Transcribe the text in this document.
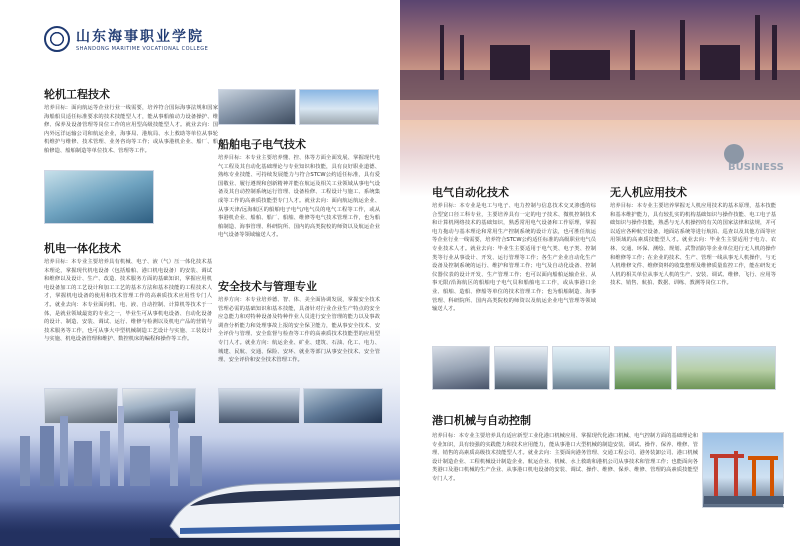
山东海事职业学院
SHANDONG MARITIME VOCATIONAL COLLEGE
轮机工程技术
培养目标：面向航运等企业行业一线需要，培养符合国际海事法规和国家海船船员适任标准要求的技术技能型人才，能从事船舶动力设备操护、维修、保养及设备管理等岗位工作的应用型高级技能型人才。就业去向：国内外远洋运输公司和航运企业，海事局、港航局、水上救助等单位从事轮机维护与维修、技术管理、业务咨询等工作；或从事港机企业、船厂、船舶修造、船舶制造等单位技术、管理等工作。
机电一体化技术
培养目标：本专业主要培养具有机械、电子、液（气）压一体化技术基本理论，掌握现代机电设备（包括船舶、港口机电设备）的安装、调试和维修以及设计、生产、改造、技术服务方面的基础知识，掌握应用机电设备加工的工艺设计和加工工艺的基本方法和基本技能的工程技术人才，掌握机电设备的使用和技术管理工作的高素质技术应用性专门人才。就业去向：本专业面向机、电、液、自动控制、计算机等技术于一体，是就业领域最宽的专业之一，毕业生可从事机电设备、自动化设备的设计、制造、安装、调试、运行、维修与检测以及机电产品的营销与技术服务等工作，也可从事大中型机械制造工艺设计与实施、工装设计与实施、机电设备管理和维护、数控机床的编程和操作等工作。
船舶电子电气技术
培养目标：本专业主要培养懂、控、体等方面全面发展、掌握现代电气工程及其自动化基础理论与专业知识和技能，具有良好职业道德、熟练专业技能、可持续发展能力与符合STCW公约适任标准，具有爱国敬业、履行遵规和创新精神并能在航运及相关工业领域从事电气设备及其自动控制系统运行管理、设备检修、工程设计与施工、系统集成等工作的高素质技能型专门人才。就业去向：面向航运航运企业、从事天津/远海航区的船舶电子电气/电气员的电气工程等工作，或从事港机企业、船舶、船厂、船舶、维修等电气技术管理工作，也为船舶制造、海事管理、科研院所、国内的高类院校的师资以及航运企业电气设备等领域输送人才。
安全技术与管理专业
培养方向：本专业培养德、智、体、美全面协调发展，掌握安全技术管理必需的基础知识和基本技能，具备针对行业企业生产特点的安全应急能力和对特种设备及特种作业人员进行安全管理的能力以及事故调查分析能力和处理事故上报的安全保卫能力，能从事安全技术、安全评价与管理、安全监督与检查等工作的高素质技术技能型的应用型专门人才。就业方向：航运企业、矿业、建筑、石油、化工、电力、城建、民航、交通、保险、安环、就业等部门从事安全技术、安全管理、安全评价和安全技术管理工作。
BUSINESS
电气自动化技术
培养目标：本专业是电工与电子、电力控制与信息技术交叉渗透的综合型宽口径工科专业，主要培养具有一定的电子技术、微机控制技术和计算机网络技术的基础知识，熟悉常用电气设备和工作原理，掌握电力拖动与基本理论和常用生产控制系统的设计方法，也可胜任航运等企业行业一线需要，培养符合STCW公约适任标准的高级职业电气员专业技术人才。就业去向：毕业生主要适用于电气类、电子类、控制类等行业从事设计、开发、运行管理等工作；各生产企业自动化生产设备及控制系统的运行、维护和管理工作；电气及自动化设备、控制仪器仪表的设计开发、生产管理工作；也可以面向船舶运输企业、从事无限/沿海航区的船舶电子电气员和船舶电工工作，或从事港口企业、船舶、造船、修船等单位的技术管理工作；也为船舶制造、海事管理、科研院所、国内高类院校的师资以及航运企业电气管理等领域输送人才。
无人机应用技术
培养目标：本专业主要培养掌握无人机应用技术的基本原理，基本技能和基本维护能力，具有较扎实的机构基础知识与操作技能、电工电子基础知识与操作技能，熟悉与无人机操控的有关的国家法律和法规，并可以适应各种航空设备，地面站系统等进行航拍、巡查以及其他方面等应用领域的高素质技能型人才。就业去向：毕业生主要适用于电力、农林、交通、环保、测绘、规划、武警消防等企业单位进行无人机的操作和维修等工作；在企业的技术、生产、管理一线从事无人机操作，与无人机维修文件、维修资料的收集整理及维修质量监控工作，能在研发无人机的相关单位从事无人机的生产、安装、调试、维修、飞行、应用等技术、销售、航拍、数据、训练、教测等岗位工作。
港口机械与自动控制
培养目标：本专业主要培养具有适应新型工业化港口机械应用、掌握现代化港口机械、电气控制方面的基础理论和专业知识，具有较强的实践能力和技术应用能力，能从事港口大型机械的制造安装、调试、操作、保养、维修、管理、销售的高素质高级技术技能型人才。就业去向：主要面向港务管理、交通工程公司、港务装卸公司、港口机械设计制造企业、工程机械设计制造企业、航运企业、机械、水上救助和港机公司从事技术和管理工作；也能面向各类港口及港口机械的生产企业、从事港口机电设备的安装、调试、操作、维修、保养、维修、管理的高素质技能型专门人才。
